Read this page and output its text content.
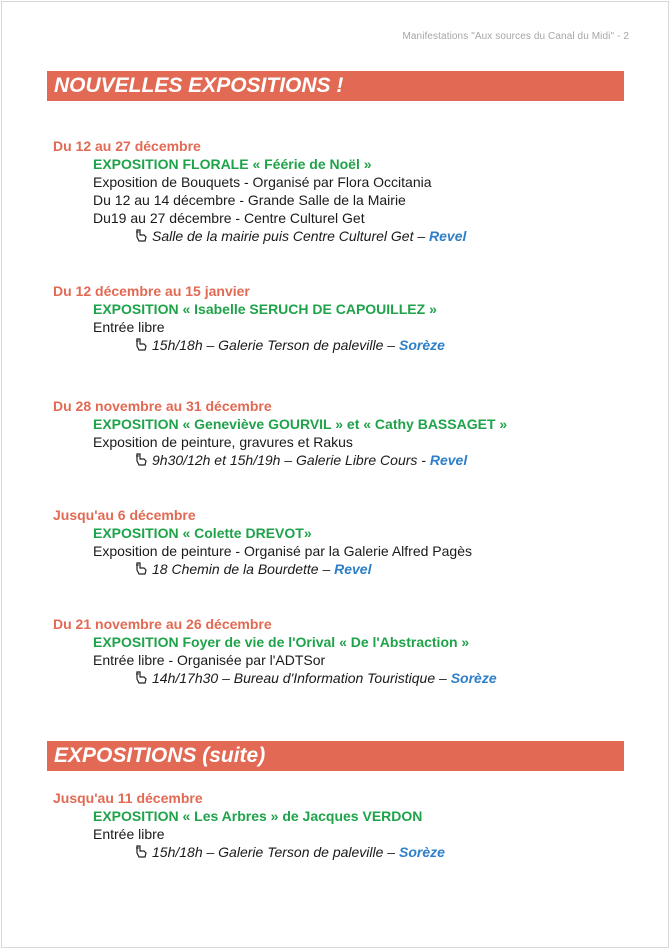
Manifestations "Aux sources du Canal du Midi" - 2
NOUVELLES EXPOSITIONS !
Du 12 au 27 décembre
EXPOSITION FLORALE « Féérie de Noël »
Exposition de Bouquets - Organisé par Flora Occitania
Du 12 au 14 décembre - Grande Salle de la Mairie
Du19 au 27 décembre - Centre Culturel Get
Salle de la mairie puis Centre Culturel Get – Revel
Du 12 décembre au 15 janvier
EXPOSITION « Isabelle SERUCH DE CAPOUILLEZ »
Entrée libre
15h/18h – Galerie Terson de paleville – Sorèze
Du 28 novembre au 31 décembre
EXPOSITION « Geneviève GOURVIL » et « Cathy BASSAGET »
Exposition de peinture, gravures et Rakus
9h30/12h et 15h/19h – Galerie Libre Cours - Revel
Jusqu'au 6 décembre
EXPOSITION « Colette DREVOT»
Exposition de peinture - Organisé par la Galerie Alfred Pagès
18 Chemin de la Bourdette – Revel
Du 21 novembre au 26 décembre
EXPOSITION Foyer de vie de l'Orival « De l'Abstraction »
Entrée libre - Organisée par l'ADTSor
14h/17h30 – Bureau d'Information Touristique – Sorèze
EXPOSITIONS (suite)
Jusqu'au 11 décembre
EXPOSITION « Les Arbres » de Jacques VERDON
Entrée libre
15h/18h – Galerie Terson de paleville – Sorèze
